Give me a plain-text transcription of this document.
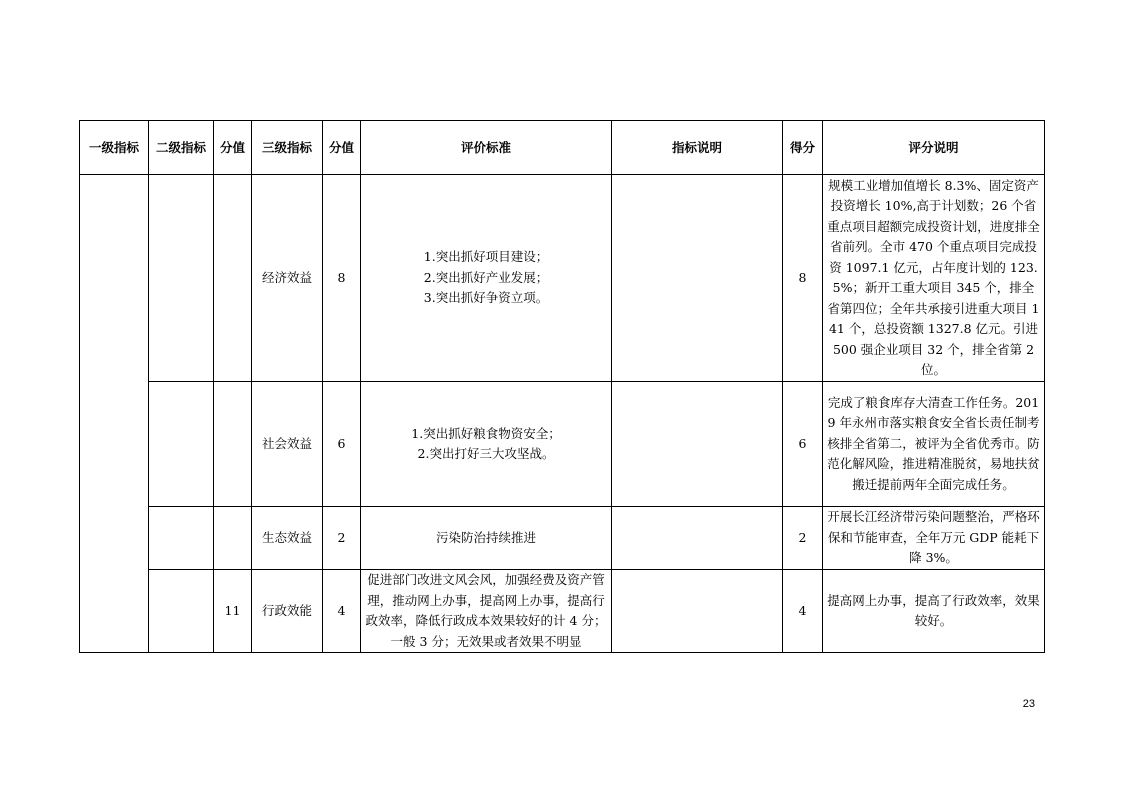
一级指标	二级指标	分值	三级指标	分值	评价标准	指标说明	得分	评分说明
			经济效益	8	1.突出抓好项目建设；
2.突出抓好产业发展；
3.突出抓好争资立项。		8	规模工业增加值增长 8.3%、固定资产投资增长 10%,高于计划数；26 个省重点项目超额完成投资计划，进度排全省前列。全市 470 个重点项目完成投资 1097.1 亿元，占年度计划的 123.5%；新开工重大项目 345 个，排全省第四位；全年共承接引进重大项目 141 个，总投资额 1327.8 亿元。引进 500 强企业项目 32 个，排全省第 2 位。
			社会效益	6	1.突出抓好粮食物资安全；
2.突出打好三大攻坚战。		6	完成了粮食库存大清查工作任务。2019 年永州市落实粮食安全省长责任制考核排全省第二，被评为全省优秀市。防范化解风险，推进精准脱贫，易地扶贫搬迁提前两年全面完成任务。
			生态效益	2	污染防治持续推进		2	开展长江经济带污染问题整治，严格环保和节能审查，全年万元 GDP 能耗下降 3%。
		11	行政效能	4	促进部门改进文风会风，加强经费及资产管理，推动网上办事，提高网上办事，提高行政效率，降低行政成本效果较好的计 4 分；一般 3 分；无效果或者效果不明显		4	提高网上办事，提高了行政效率，效果较好。
23
